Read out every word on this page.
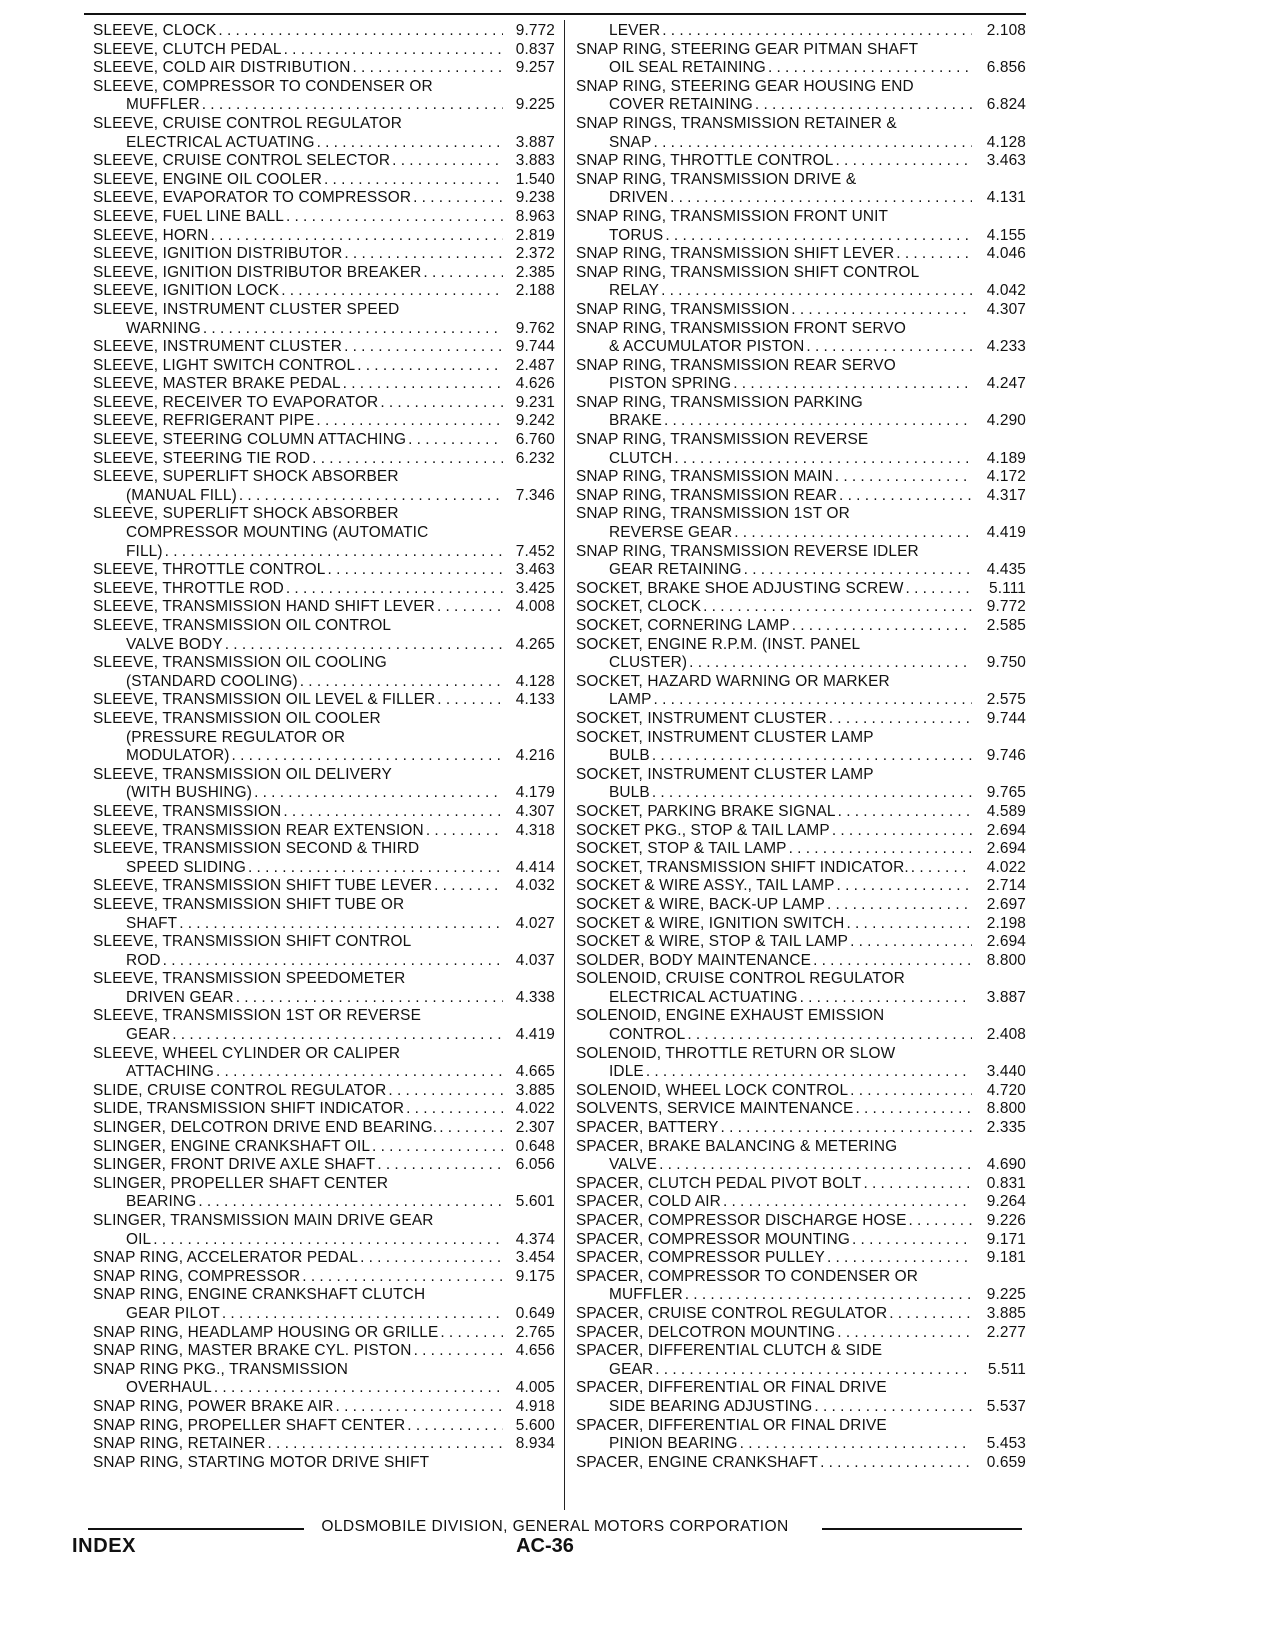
SLEEVE, CLOCK . . .	9.772
SLEEVE, CLUTCH PEDAL . . .	0.837
SLEEVE, COLD AIR DISTRIBUTION . . .	9.257
SLEEVE, COMPRESSOR TO CONDENSER OR
MUFFLER . . .	9.225
SLEEVE, CRUISE CONTROL REGULATOR
ELECTRICAL ACTUATING . . .	3.887
SLEEVE, CRUISE CONTROL SELECTOR . . .	3.883
SLEEVE, ENGINE OIL COOLER . . .	1.540
SLEEVE, EVAPORATOR TO COMPRESSOR . . .	9.238
SLEEVE, FUEL LINE BALL . . .	8.963
SLEEVE, HORN . . .	2.819
SLEEVE, IGNITION DISTRIBUTOR . . .	2.372
SLEEVE, IGNITION DISTRIBUTOR BREAKER . . .	2.385
SLEEVE, IGNITION LOCK . . .	2.188
SLEEVE, INSTRUMENT CLUSTER SPEED
WARNING . . .	9.762
SLEEVE, INSTRUMENT CLUSTER . . .	9.744
SLEEVE, LIGHT SWITCH CONTROL . . .	2.487
SLEEVE, MASTER BRAKE PEDAL . . .	4.626
SLEEVE, RECEIVER TO EVAPORATOR . . .	9.231
SLEEVE, REFRIGERANT PIPE . . .	9.242
SLEEVE, STEERING COLUMN ATTACHING . . .	6.760
SLEEVE, STEERING TIE ROD . . .	6.232
SLEEVE, SUPERLIFT SHOCK ABSORBER
(MANUAL FILL) . . .	7.346
SLEEVE, SUPERLIFT SHOCK ABSORBER
COMPRESSOR MOUNTING (AUTOMATIC
FILL) . . .	7.452
SLEEVE, THROTTLE CONTROL . . .	3.463
SLEEVE, THROTTLE ROD . . .	3.425
SLEEVE, TRANSMISSION HAND SHIFT LEVER . . .	4.008
SLEEVE, TRANSMISSION OIL CONTROL
VALVE BODY . . .	4.265
SLEEVE, TRANSMISSION OIL COOLING
(STANDARD COOLING) . . .	4.128
SLEEVE, TRANSMISSION OIL LEVEL & FILLER . . .	4.133
SLEEVE, TRANSMISSION OIL COOLER
(PRESSURE REGULATOR OR
MODULATOR) . . .	4.216
SLEEVE, TRANSMISSION OIL DELIVERY
(WITH BUSHING) . . .	4.179
SLEEVE, TRANSMISSION . . .	4.307
SLEEVE, TRANSMISSION REAR EXTENSION . . .	4.318
SLEEVE, TRANSMISSION SECOND & THIRD
SPEED SLIDING . . .	4.414
SLEEVE, TRANSMISSION SHIFT TUBE LEVER . . .	4.032
SLEEVE, TRANSMISSION SHIFT TUBE OR
SHAFT . . .	4.027
SLEEVE, TRANSMISSION SHIFT CONTROL
ROD . . .	4.037
SLEEVE, TRANSMISSION SPEEDOMETER
DRIVEN GEAR . . .	4.338
SLEEVE, TRANSMISSION 1ST OR REVERSE
GEAR . . .	4.419
SLEEVE, WHEEL CYLINDER OR CALIPER
ATTACHING . . .	4.665
SLIDE, CRUISE CONTROL REGULATOR . . .	3.885
SLIDE, TRANSMISSION SHIFT INDICATOR . . .	4.022
SLINGER, DELCOTRON DRIVE END BEARING. . . .	2.307
SLINGER, ENGINE CRANKSHAFT OIL . . .	0.648
SLINGER, FRONT DRIVE AXLE SHAFT . . .	6.056
SLINGER, PROPELLER SHAFT CENTER
BEARING . . .	5.601
SLINGER, TRANSMISSION MAIN DRIVE GEAR
OIL . . .	4.374
SNAP RING, ACCELERATOR PEDAL . . .	3.454
SNAP RING, COMPRESSOR . . .	9.175
SNAP RING, ENGINE CRANKSHAFT CLUTCH
GEAR PILOT . . .	0.649
SNAP RING, HEADLAMP HOUSING OR GRILLE . . .	2.765
SNAP RING, MASTER BRAKE CYL. PISTON . . .	4.656
SNAP RING PKG., TRANSMISSION
OVERHAUL . . .	4.005
SNAP RING, POWER BRAKE AIR . . .	4.918
SNAP RING, PROPELLER SHAFT CENTER . . .	5.600
SNAP RING, RETAINER . . .	8.934
SNAP RING, STARTING MOTOR DRIVE SHIFT
LEVER . . .	2.108
SNAP RING, STEERING GEAR PITMAN SHAFT
OIL SEAL RETAINING . . .	6.856
SNAP RING, STEERING GEAR HOUSING END
COVER RETAINING . . .	6.824
SNAP RINGS, TRANSMISSION RETAINER &
SNAP . . .	4.128
SNAP RING, THROTTLE CONTROL . . .	3.463
SNAP RING, TRANSMISSION DRIVE &
DRIVEN . . .	4.131
SNAP RING, TRANSMISSION FRONT UNIT
TORUS . . .	4.155
SNAP RING, TRANSMISSION SHIFT LEVER . . .	4.046
SNAP RING, TRANSMISSION SHIFT CONTROL
RELAY . . .	4.042
SNAP RING, TRANSMISSION . . .	4.307
SNAP RING, TRANSMISSION FRONT SERVO
& ACCUMULATOR PISTON . . .	4.233
SNAP RING, TRANSMISSION REAR SERVO
PISTON SPRING . . .	4.247
SNAP RING, TRANSMISSION PARKING
BRAKE . . .	4.290
SNAP RING, TRANSMISSION REVERSE
CLUTCH . . .	4.189
SNAP RING, TRANSMISSION MAIN . . .	4.172
SNAP RING, TRANSMISSION REAR . . .	4.317
SNAP RING, TRANSMISSION 1ST OR
REVERSE GEAR . . .	4.419
SNAP RING, TRANSMISSION REVERSE IDLER
GEAR RETAINING . . .	4.435
SOCKET, BRAKE SHOE ADJUSTING SCREW . . .	5.111
SOCKET, CLOCK . . .	9.772
SOCKET, CORNERING LAMP . . .	2.585
SOCKET, ENGINE R.P.M. (INST. PANEL
CLUSTER) . . .	9.750
SOCKET, HAZARD WARNING OR MARKER
LAMP . . .	2.575
SOCKET, INSTRUMENT CLUSTER . . .	9.744
SOCKET, INSTRUMENT CLUSTER LAMP
BULB . . .	9.746
SOCKET, INSTRUMENT CLUSTER LAMP
BULB . . .	9.765
SOCKET, PARKING BRAKE SIGNAL . . .	4.589
SOCKET PKG., STOP & TAIL LAMP . . .	2.694
SOCKET, STOP & TAIL LAMP . . .	2.694
SOCKET, TRANSMISSION SHIFT INDICATOR. . . .	4.022
SOCKET & WIRE ASSY., TAIL LAMP . . .	2.714
SOCKET & WIRE, BACK-UP LAMP . . .	2.697
SOCKET & WIRE, IGNITION SWITCH . . .	2.198
SOCKET & WIRE, STOP & TAIL LAMP . . .	2.694
SOLDER, BODY MAINTENANCE . . .	8.800
SOLENOID, CRUISE CONTROL REGULATOR
ELECTRICAL ACTUATING . . .	3.887
SOLENOID, ENGINE EXHAUST EMISSION
CONTROL . . .	2.408
SOLENOID, THROTTLE RETURN OR SLOW
IDLE . . .	3.440
SOLENOID, WHEEL LOCK CONTROL . . .	4.720
SOLVENTS, SERVICE MAINTENANCE . . .	8.800
SPACER, BATTERY . . .	2.335
SPACER, BRAKE BALANCING & METERING
VALVE . . .	4.690
SPACER, CLUTCH PEDAL PIVOT BOLT . . .	0.831
SPACER, COLD AIR . . .	9.264
SPACER, COMPRESSOR DISCHARGE HOSE . . .	9.226
SPACER, COMPRESSOR MOUNTING . . .	9.171
SPACER, COMPRESSOR PULLEY . . .	9.181
SPACER, COMPRESSOR TO CONDENSER OR
MUFFLER . . .	9.225
SPACER, CRUISE CONTROL REGULATOR . . .	3.885
SPACER, DELCOTRON MOUNTING . . .	2.277
SPACER, DIFFERENTIAL CLUTCH & SIDE
GEAR . . .	5.511
SPACER, DIFFERENTIAL OR FINAL DRIVE
SIDE BEARING ADJUSTING . . .	5.537
SPACER, DIFFERENTIAL OR FINAL DRIVE
PINION BEARING . . .	5.453
SPACER, ENGINE CRANKSHAFT . . .	0.659
OLDSMOBILE DIVISION, GENERAL MOTORS CORPORATION
INDEX	AC-36
